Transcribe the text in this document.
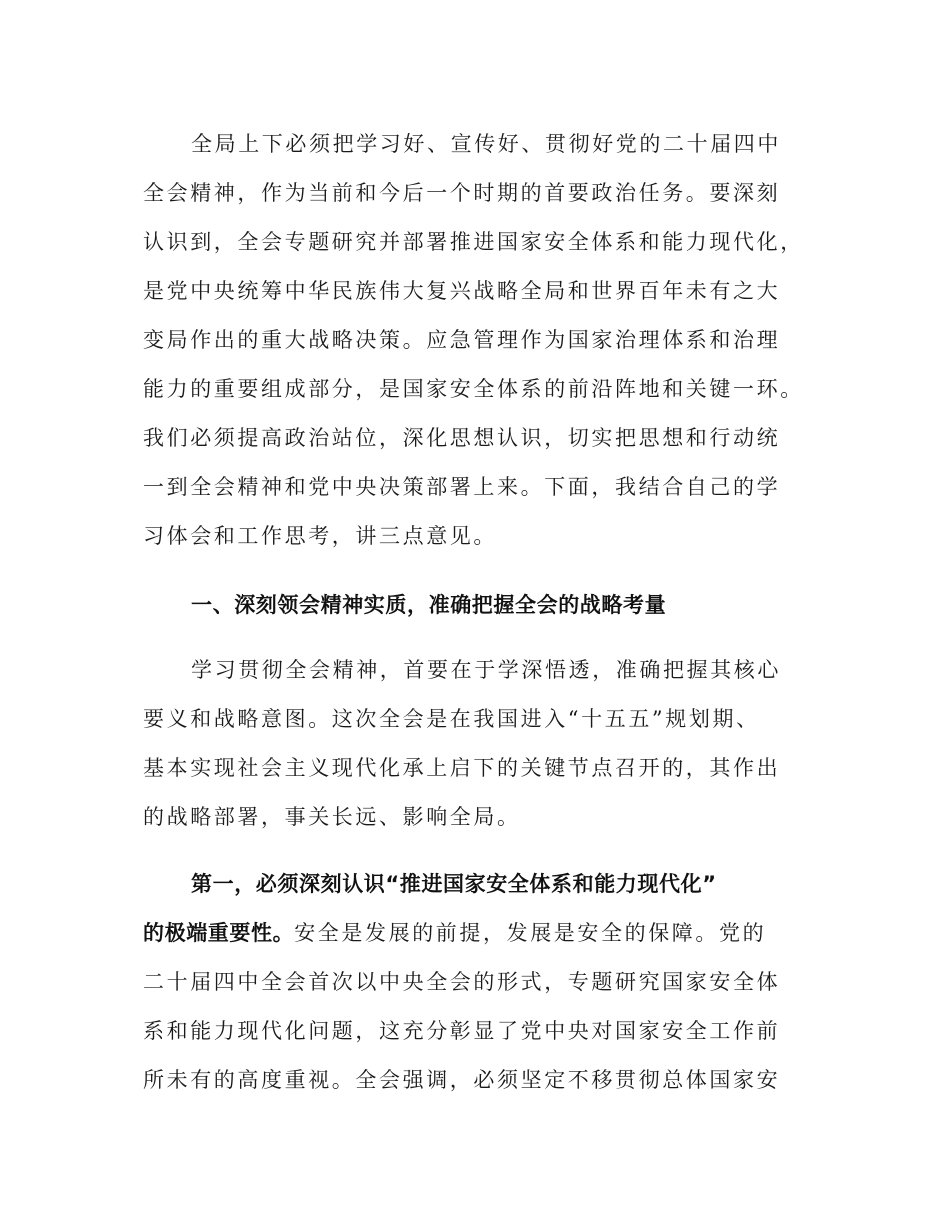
全局上下必须把学习好、宣传好、贯彻好党的二十届四中
全会精神，作为当前和今后一个时期的首要政治任务。要深刻
认识到，全会专题研究并部署推进国家安全体系和能力现代化，
是党中央统筹中华民族伟大复兴战略全局和世界百年未有之大
变局作出的重大战略决策。应急管理作为国家治理体系和治理
能力的重要组成部分，是国家安全体系的前沿阵地和关键一环。
我们必须提高政治站位，深化思想认识，切实把思想和行动统
一到全会精神和党中央决策部署上来。下面，我结合自己的学
习体会和工作思考，讲三点意见。
一、深刻领会精神实质，准确把握全会的战略考量
学习贯彻全会精神，首要在于学深悟透，准确把握其核心
要义和战略意图。这次全会是在我国进入“十五五”规划期、
基本实现社会主义现代化承上启下的关键节点召开的，其作出
的战略部署，事关长远、影响全局。
第一，必须深刻认识“推进国家安全体系和能力现代化”
的极端重要性。安全是发展的前提，发展是安全的保障。党的
二十届四中全会首次以中央全会的形式，专题研究国家安全体
系和能力现代化问题，这充分彰显了党中央对国家安全工作前
所未有的高度重视。全会强调，必须坚定不移贯彻总体国家安
